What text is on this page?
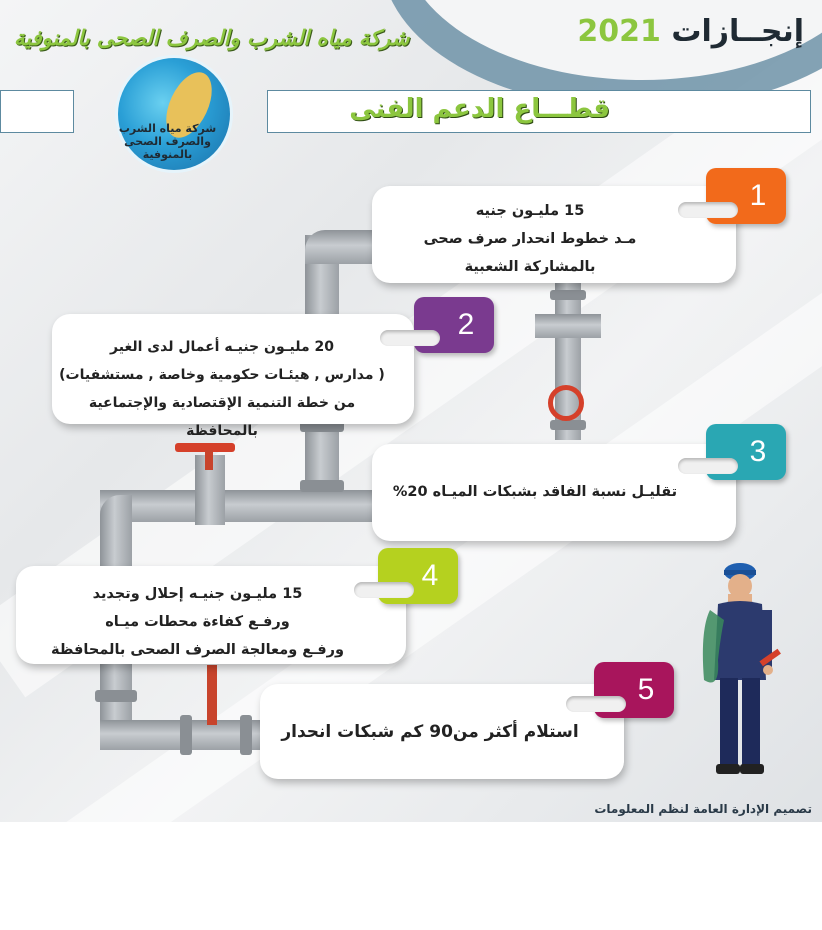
إنجــازات 2021
شركة مياه الشرب والصرف الصحى بالمنوفية
شركة مياه الشرب والصرف الصحى بالمنوفية
قطـــاع الدعم الفنى
1
15 مليـون جنيه
مـد خطوط انحدار صرف صحى
بالمشاركة الشعبية
2
20 مليـون جنيـه أعمال لدى الغير
( مدارس , هيئـات حكومية وخاصة , مستشفيات)
من خطة التنمية الإقتصادية والإجتماعية بالمحافظة
3
تقليـل نسبة الفاقد بشبكات الميـاه 20%
4
15 مليـون جنيـه إحلال وتجديد
ورفـع كفاءة محطات ميـاه
ورفـع ومعالجة الصرف الصحى بالمحافظة
5
استلام أكثر من90 كم شبكات انحدار
تصميم الإدارة العامة لنظم المعلومات
